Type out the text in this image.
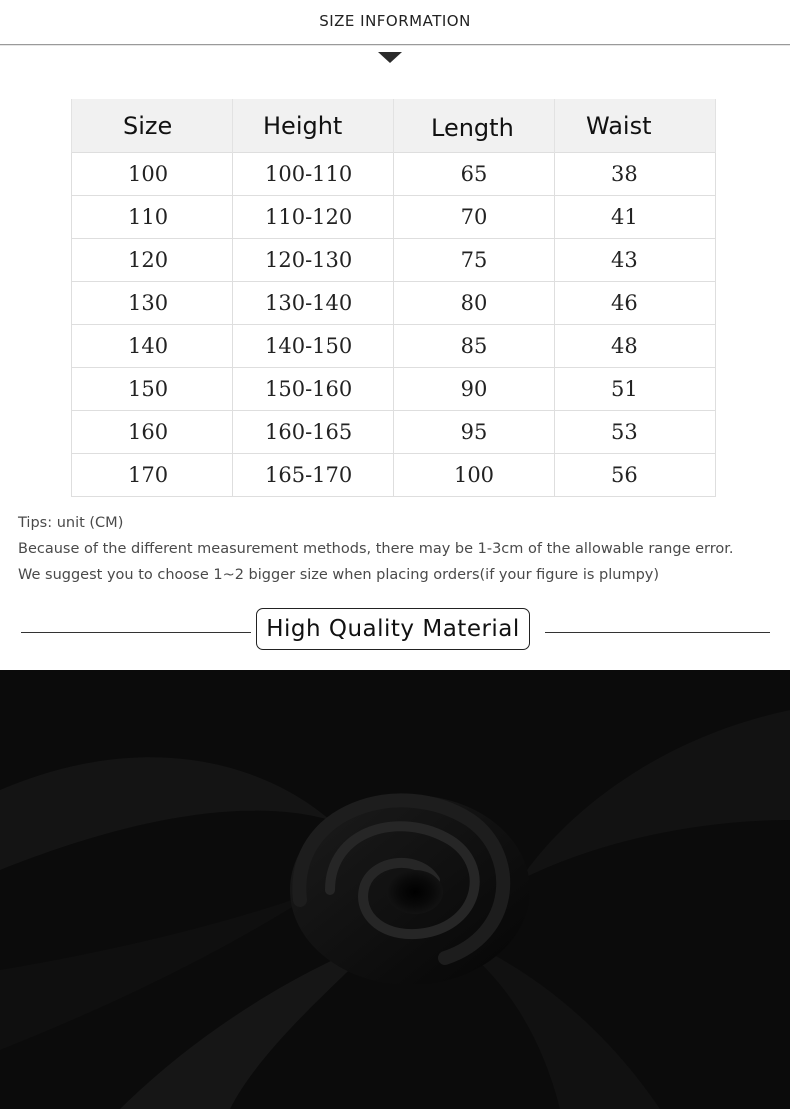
SIZE INFORMATION
Size	Height	Length	Waist
100	100-110	65	38
110	110-120	70	41
120	120-130	75	43
130	130-140	80	46
140	140-150	85	48
150	150-160	90	51
160	160-165	95	53
170	165-170	100	56
Tips: unit (CM)
Because of the different measurement methods, there may be 1-3cm of the allowable range error.
We suggest you to choose 1~2 bigger size when placing orders(if your figure is plumpy)
High Quality Material
